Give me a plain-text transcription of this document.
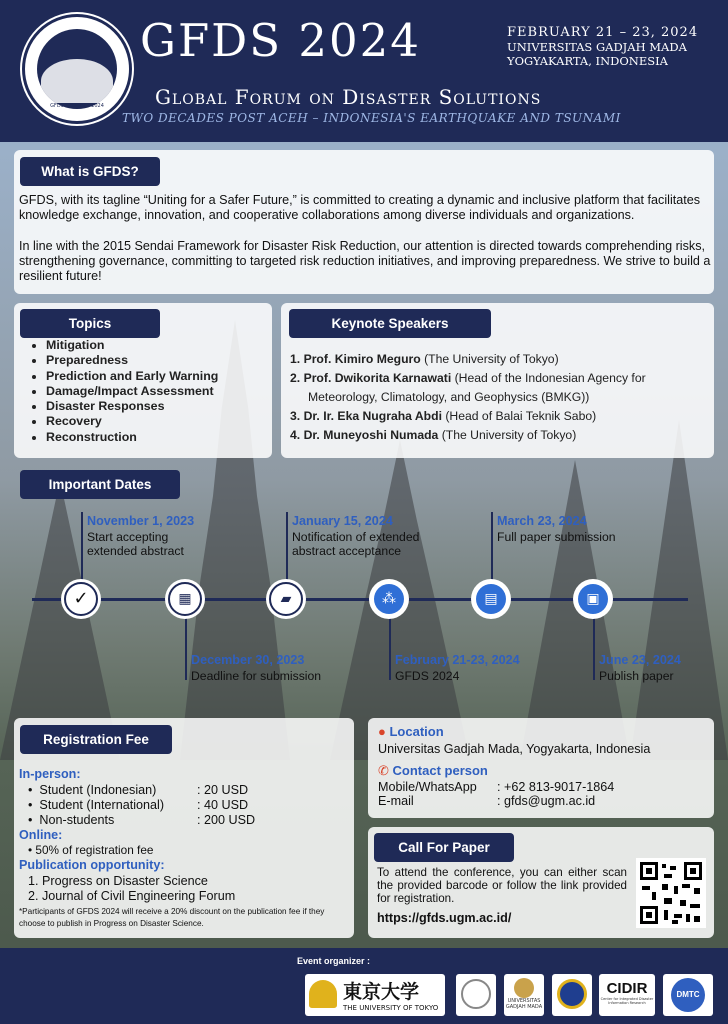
GFDS Indonesia 2024
GFDS 2024	FEBRUARY 21 – 23, 2024
UNIVERSITAS GADJAH MADA
YOGYAKARTA, INDONESIA
Global Forum on Disaster Solutions
TWO DECADES POST ACEH – INDONESIA'S EARTHQUAKE AND TSUNAMI
What is GFDS?
GFDS, with its tagline “Uniting for a Safer Future,” is committed to creating a dynamic and inclusive platform that facilitates knowledge exchange, innovation, and cooperative collaborations among diverse individuals and organizations.
In line with the 2015 Sendai Framework for Disaster Risk Reduction, our attention is directed towards comprehending risks, strengthening governance, committing to targeted risk reduction initiatives, and improving preparedness. We strive to build a resilient future!
Topics
• Mitigation
• Preparedness
• Prediction and Early Warning
• Damage/Impact Assessment
• Disaster Responses
• Recovery
• Reconstruction
Keynote Speakers
1. Prof. Kimiro Meguro (The University of Tokyo)
2. Prof. Dwikorita Karnawati (Head of the Indonesian Agency for Meteorology, Climatology, and Geophysics (BMKG))
3. Dr. Ir. Eka Nugraha Abdi (Head of Balai Teknik Sabo)
4. Dr. Muneyoshi Numada (The University of Tokyo)
Important Dates
✓	▦	▰	⁂	▤	▣
November 1, 2023
Start accepting
extended abstract
December 30, 2023
Deadline for submission
January 15, 2024
Notification of extended
abstract acceptance
February 21-23, 2024
GFDS 2024
March 23, 2024
Full paper submission
June 23, 2024
Publish paper
Registration Fee
In-person:
•  Student (Indonesian)	: 20 USD
•  Student (International)	: 40 USD
•  Non-students	: 200 USD
Online:
• 50% of registration fee
Publication opportunity:
1. Progress on Disaster Science
2. Journal of Civil Engineering Forum
*Participants of GFDS 2024 will receive a 20% discount on the publication fee if they choose to publish in Progress on Disaster Science.
● Location
Universitas Gadjah Mada, Yogyakarta, Indonesia
✆ Contact person
Mobile/WhatsApp : +62 813-9017-1864
E-mail	: gfds@ugm.ac.id
Call For Paper
To attend the conference, you can either scan the provided barcode or follow the link provided for registration.
https://gfds.ugm.ac.id/
Event organizer :
東京大学
THE UNIVERSITY OF TOKYO
UNIVERSITAS GADJAH MADA
CIDIR
Center for Integrated Disaster Information Research
DMTC
